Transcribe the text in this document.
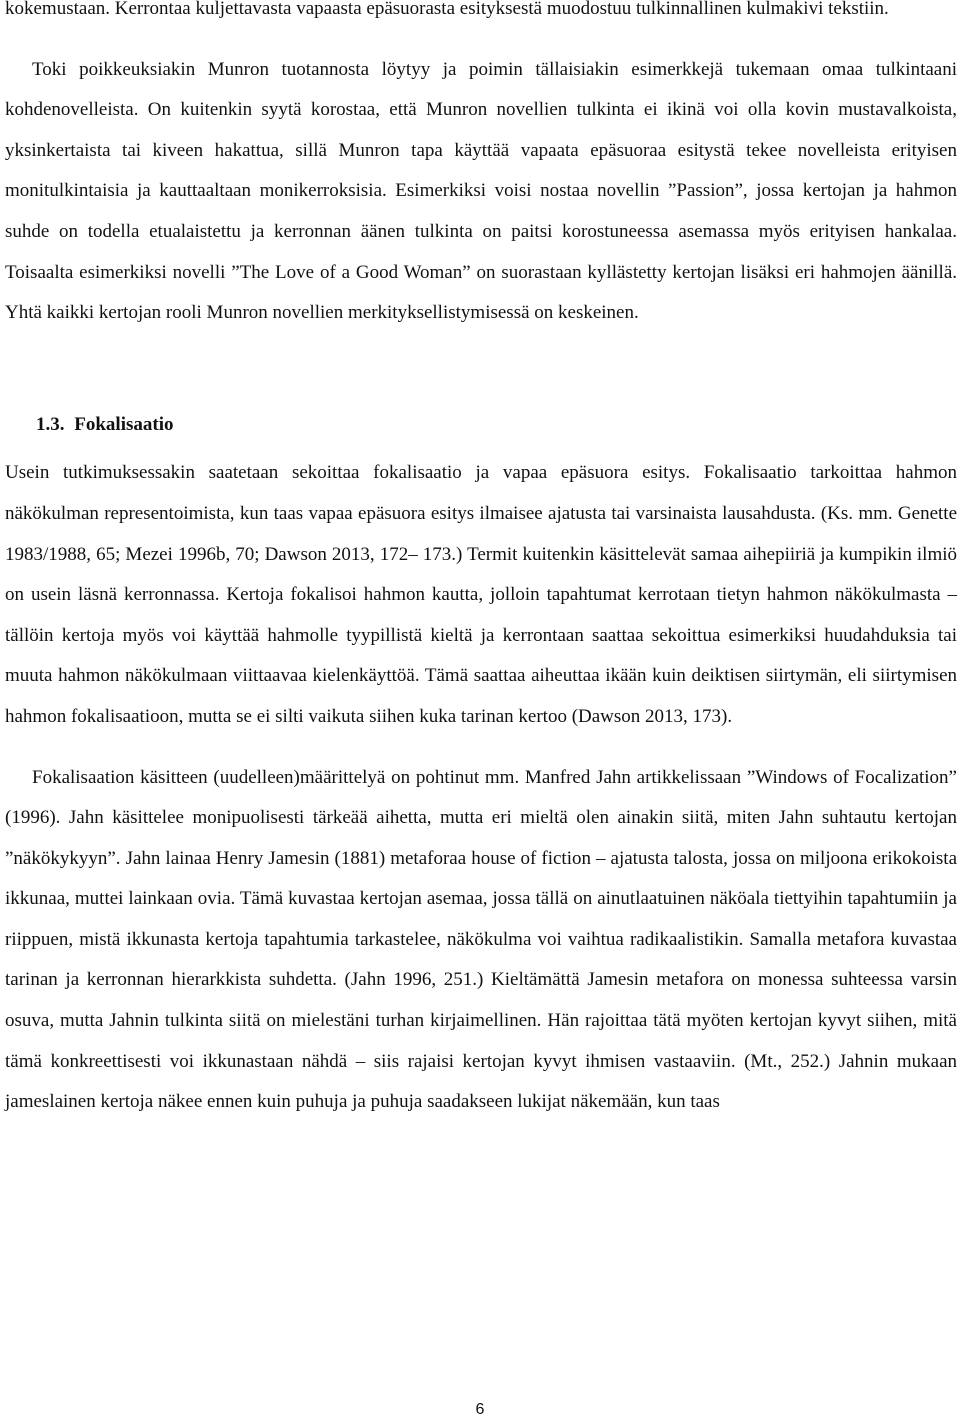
kokemustaan. Kerrontaa kuljettavasta vapaasta epäsuorasta esityksestä muodostuu tulkinnallinen kulmakivi tekstiin.

Toki poikkeuksiakin Munron tuotannosta löytyy ja poimin tällaisiakin esimerkkejä tukemaan omaa tulkintaani kohdenovelleista. On kuitenkin syytä korostaa, että Munron novellien tulkinta ei ikinä voi olla kovin mustavalkoista, yksinkertaista tai kiveen hakattua, sillä Munron tapa käyttää vapaata epäsuoraa esitystä tekee novelleista erityisen monitulkintaisia ja kauttaaltaan monikerroksisia. Esimerkiksi voisi nostaa novellin ”Passion”, jossa kertojan ja hahmon suhde on todella etualaistettu ja kerronnan äänen tulkinta on paitsi korostuneessa asemassa myös erityisen hankalaa. Toisaalta esimerkiksi novelli ”The Love of a Good Woman” on suorastaan kyllästetty kertojan lisäksi eri hahmojen äänillä. Yhtä kaikki kertojan rooli Munron novellien merkityksellistymisessä on keskeinen.

1.3. Fokalisaatio

Usein tutkimuksessakin saatetaan sekoittaa fokalisaatio ja vapaa epäsuora esitys. Fokalisaatio tarkoittaa hahmon näkökulman representoimista, kun taas vapaa epäsuora esitys ilmaisee ajatusta tai varsinaista lausahdusta. (Ks. mm. Genette 1983/1988, 65; Mezei 1996b, 70; Dawson 2013, 172– 173.) Termit kuitenkin käsittelevät samaa aihepiiriä ja kumpikin ilmiö on usein läsnä kerronnassa. Kertoja fokalisoi hahmon kautta, jolloin tapahtumat kerrotaan tietyn hahmon näkökulmasta – tällöin kertoja myös voi käyttää hahmolle tyypillistä kieltä ja kerrontaan saattaa sekoittua esimerkiksi huudahduksia tai muuta hahmon näkökulmaan viittaavaa kielenkäyttöä. Tämä saattaa aiheuttaa ikään kuin deiktisen siirtymän, eli siirtymisen hahmon fokalisaatioon, mutta se ei silti vaikuta siihen kuka tarinan kertoo (Dawson 2013, 173).

Fokalisaation käsitteen (uudelleen)määrittelyä on pohtinut mm. Manfred Jahn artikkelissaan ”Windows of Focalization” (1996). Jahn käsittelee monipuolisesti tärkeää aihetta, mutta eri mieltä olen ainakin siitä, miten Jahn suhtautu kertojan ”näkökykyyn”. Jahn lainaa Henry Jamesin (1881) metaforaa house of fiction – ajatusta talosta, jossa on miljoona erikokoista ikkunaa, muttei lainkaan ovia. Tämä kuvastaa kertojan asemaa, jossa tällä on ainutlaatuinen näköala tiettyihin tapahtumiin ja riippuen, mistä ikkunasta kertoja tapahtumia tarkastelee, näkökulma voi vaihtua radikaalistikin. Samalla metafora kuvastaa tarinan ja kerronnan hierarkkista suhdetta. (Jahn 1996, 251.) Kieltämättä Jamesin metafora on monessa suhteessa varsin osuva, mutta Jahnin tulkinta siitä on mielestäni turhan kirjaimellinen. Hän rajoittaa tätä myöten kertojan kyvyt siihen, mitä tämä konkreettisesti voi ikkunastaan nähdä – siis rajaisi kertojan kyvyt ihmisen vastaaviin. (Mt., 252.) Jahnin mukaan jameslainen kertoja näkee ennen kuin puhuja ja puhuja saadakseen lukijat näkemään, kun taas

6
